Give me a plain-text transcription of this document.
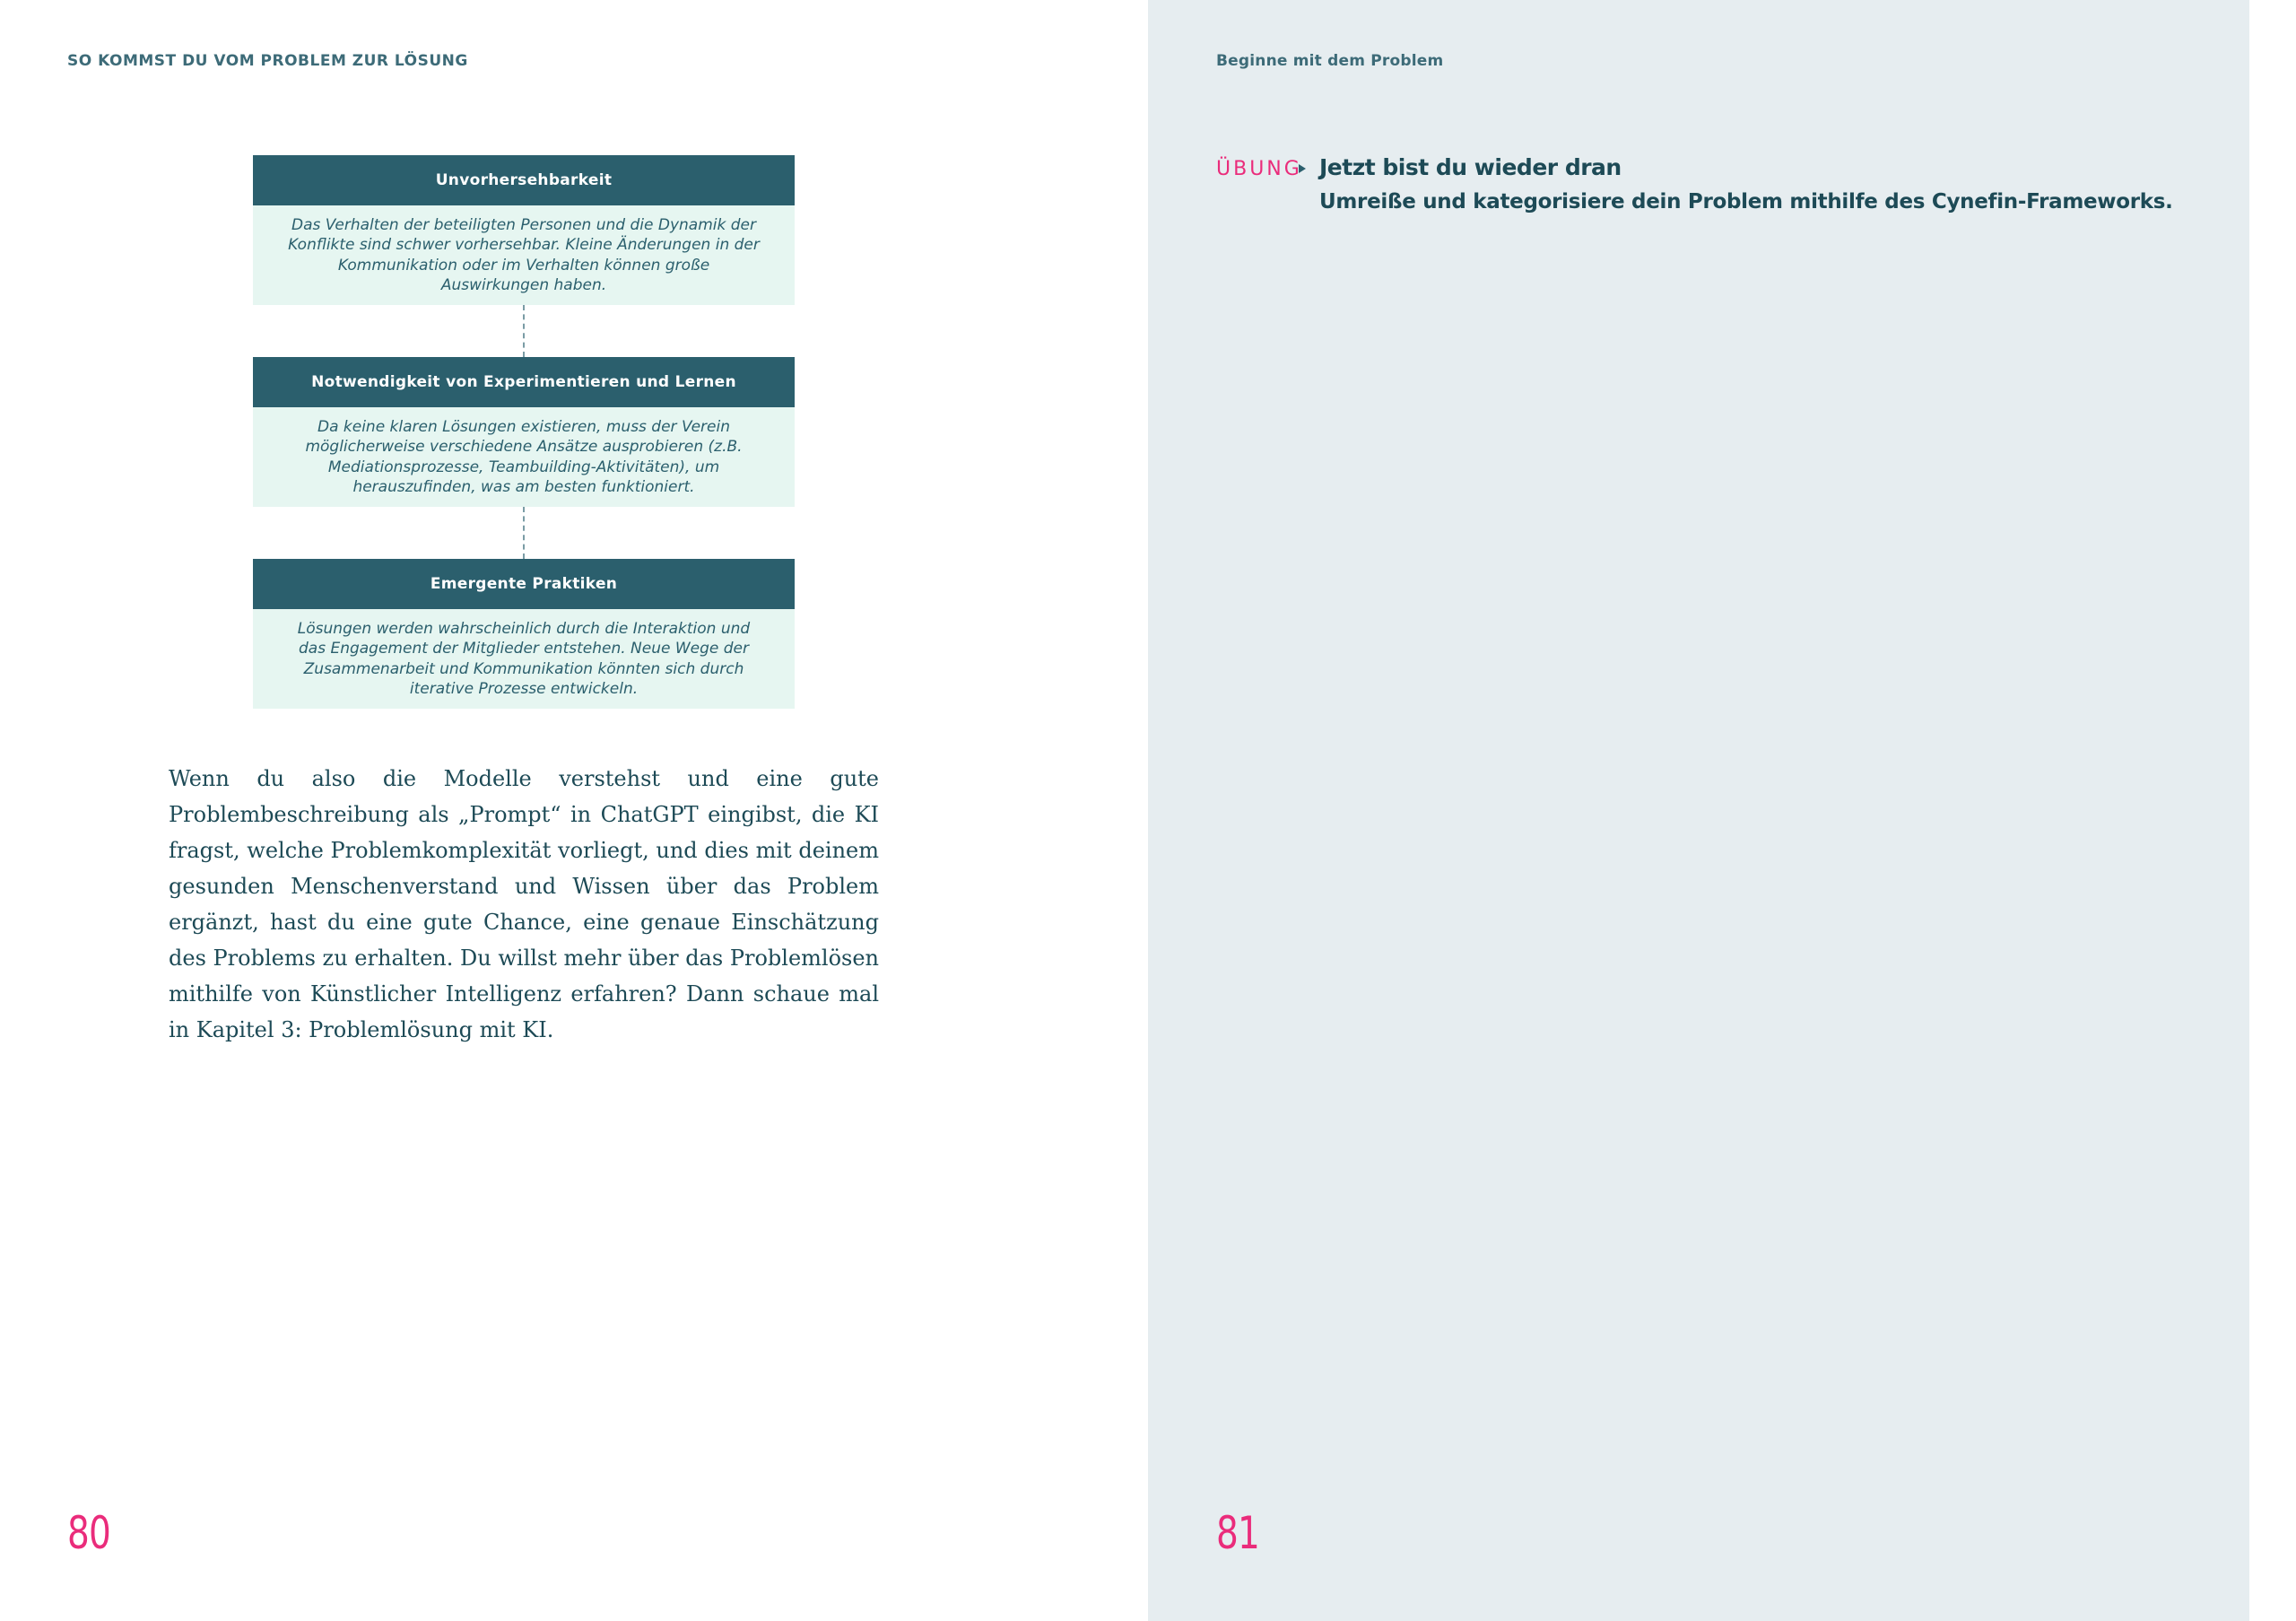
SO KOMMST DU VOM PROBLEM ZUR LÖSUNG
Unvorhersehbarkeit
Das Verhalten der beteiligten Personen und die Dynamik der Konflikte sind schwer vorhersehbar. Kleine Änderungen in der Kommunikation oder im Verhalten können große Auswirkungen haben.
Notwendigkeit von Experimentieren und Lernen
Da keine klaren Lösungen existieren, muss der Verein möglicherweise verschiedene Ansätze ausprobieren (z.B. Mediationsprozesse, Teambuilding-Aktivitäten), um herauszufinden, was am besten funktioniert.
Emergente Praktiken
Lösungen werden wahrscheinlich durch die Interaktion und das Engagement der Mitglieder entstehen. Neue Wege der Zusammenarbeit und Kommunikation könnten sich durch iterative Prozesse entwickeln.

Wenn du also die Modelle verstehst und eine gute Problembeschreibung als „Prompt“ in ChatGPT eingibst, die KI fragst, welche Problemkomplexität vorliegt, und dies mit deinem gesunden Menschenverstand und Wissen über das Problem ergänzt, hast du eine gute Chance, eine genaue Einschätzung des Problems zu erhalten. Du willst mehr über das Problemlösen mithilfe von Künstlicher Intelligenz erfahren? Dann schaue mal in Kapitel 3: Problemlösung mit KI.

80
Beginne mit dem Problem
ÜBUNG Jetzt bist du wieder dran
Umreiße und kategorisiere dein Problem mithilfe des Cynefin-Frameworks.
81
